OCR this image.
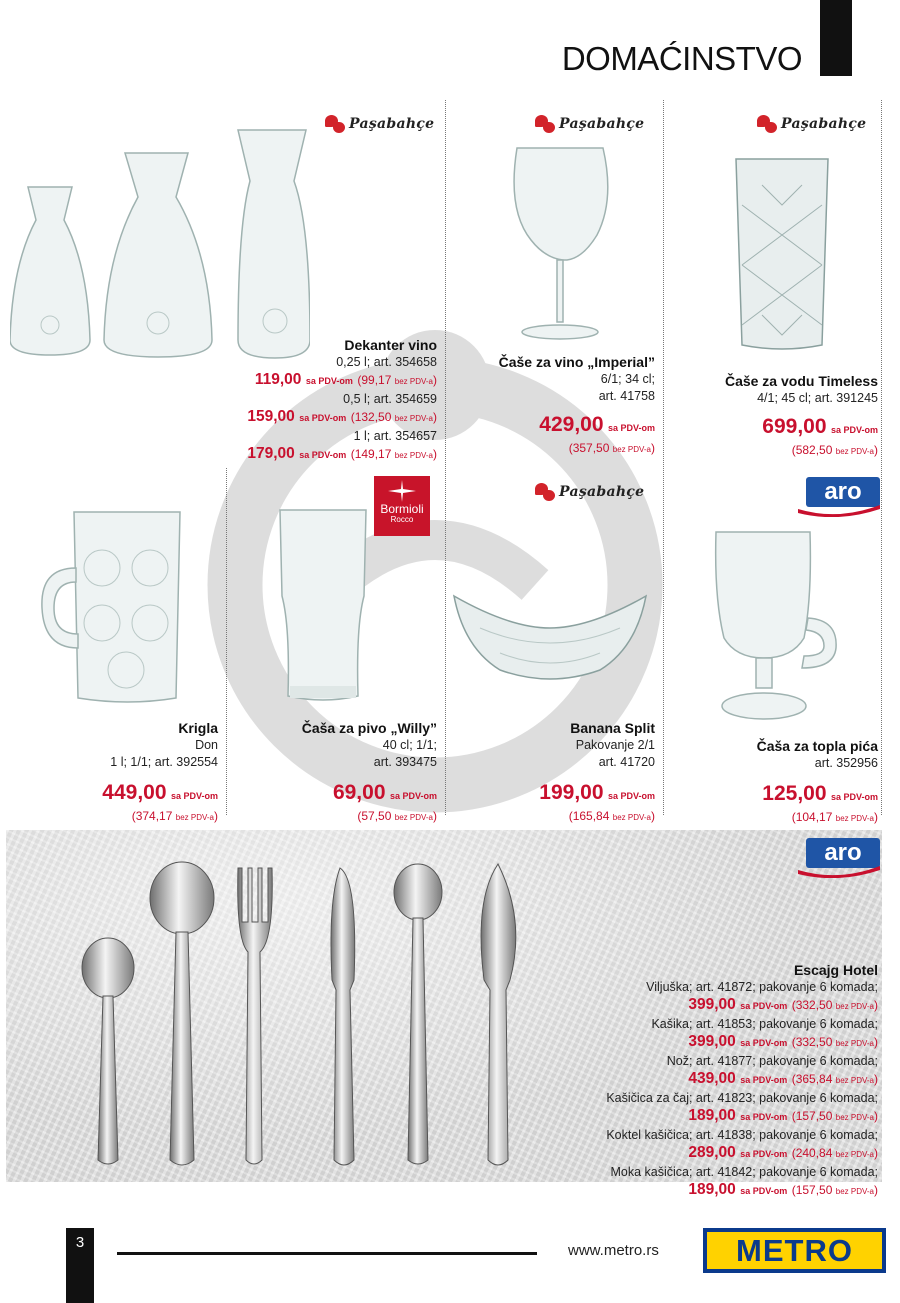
DOMAĆINSTVO
Paşabahçe
Dekanter vino
0,25 l; art. 354658
119,00 sa PDV-om (99,17 bez PDV-a)
0,5 l; art. 354659
159,00 sa PDV-om (132,50 bez PDV-a)
1 l; art. 354657
179,00 sa PDV-om (149,17 bez PDV-a)
Paşabahçe
Čaše za vino „Imperial”
6/1; 34 cl;
art. 41758
429,00 sa PDV-om
(357,50 bez PDV-a)
Paşabahçe
Čaše za vodu Timeless
4/1; 45 cl; art. 391245
699,00 sa PDV-om
(582,50 bez PDV-a)
Krigla
Don
1 l; 1/1; art. 392554
449,00 sa PDV-om
(374,17 bez PDV-a)
Bormioli
Rocco
Čaša za pivo „Willy”
40 cl; 1/1;
art. 393475
69,00 sa PDV-om
(57,50 bez PDV-a)
Paşabahçe
Banana Split
Pakovanje 2/1
art. 41720
199,00 sa PDV-om
(165,84 bez PDV-a)
aro
Čaša za topla pića
art. 352956
125,00 sa PDV-om
(104,17 bez PDV-a)
aro
Escajg Hotel
Viljuška; art. 41872; pakovanje 6 komada;
399,00 sa PDV-om (332,50 bez PDV-a)
Kašika; art. 41853; pakovanje 6 komada;
399,00 sa PDV-om (332,50 bez PDV-a)
Nož; art. 41877; pakovanje 6 komada;
439,00 sa PDV-om (365,84 bez PDV-a)
Kašičica za čaj; art. 41823; pakovanje 6 komada;
189,00 sa PDV-om (157,50 bez PDV-a)
Koktel kašičica; art. 41838; pakovanje 6 komada;
289,00 sa PDV-om (240,84 bez PDV-a)
Moka kašičica; art. 41842; pakovanje 6 komada;
189,00 sa PDV-om (157,50 bez PDV-a)
3	www.metro.rs	METRO
